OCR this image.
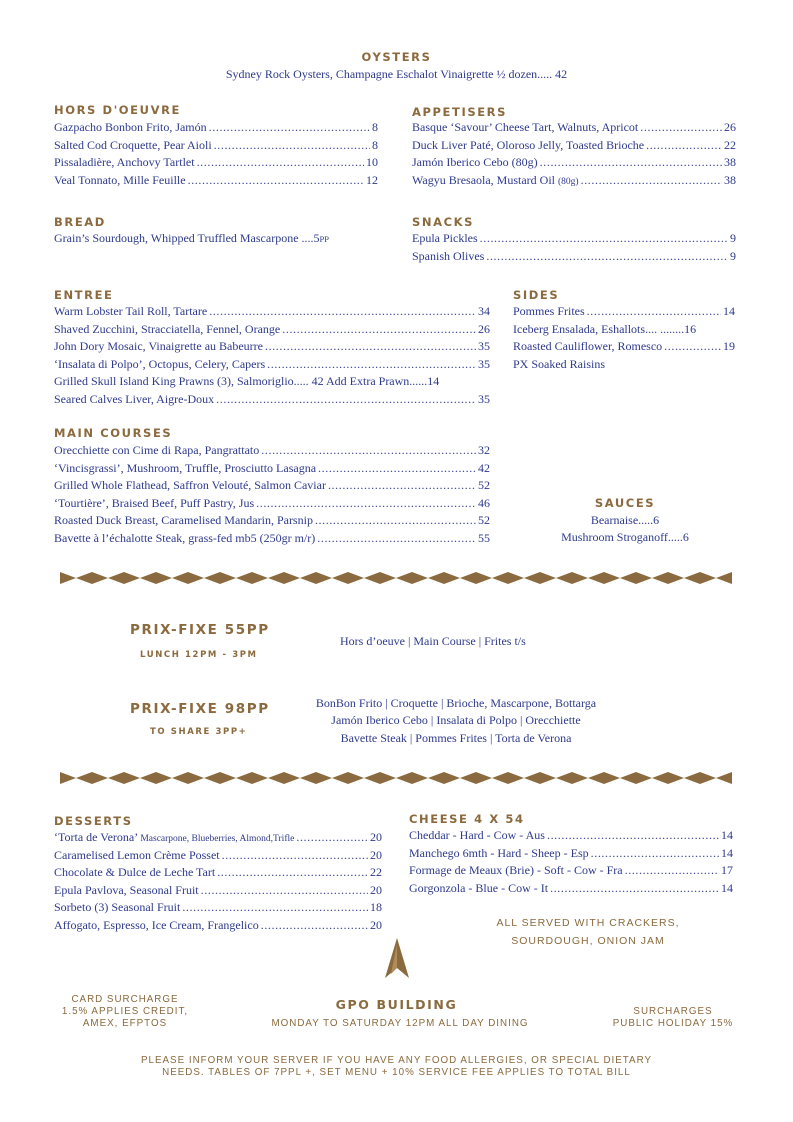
OYSTERS
Sydney Rock Oysters, Champagne Eschalot Vinaigrette ½ dozen..... 42
HORS D'OEUVRE
Gazpacho Bonbon Frito, Jamón .....	8
Salted Cod Croquette, Pear Aioli .....	8
Pissaladière, Anchovy Tartlet .....	10
Veal Tonnato, Mille Feuille .....	12
APPETISERS
Basque ‘Savour’ Cheese Tart, Walnuts, Apricot .....	26
Duck Liver Paté, Oloroso Jelly, Toasted Brioche .....	22
Jamón Iberico Cebo (80g) .....	38
Wagyu Bresaola, Mustard Oil (80g) .....	38
BREAD
Grain’s Sourdough, Whipped Truffled Mascarpone ....5PP
SNACKS
Epula Pickles .....	9
Spanish Olives .....	9
ENTREE
Warm Lobster Tail Roll, Tartare .....	34
Shaved Zucchini, Stracciatella, Fennel, Orange .....	26
John Dory Mosaic, Vinaigrette au Babeurre .....	35
‘Insalata di Polpo’, Octopus, Celery, Capers .....	35
Grilled Skull Island King Prawns (3), Salmoriglio..... 42 Add Extra Prawn......14
Seared Calves Liver, Aigre-Doux .....	35
SIDES
Pommes Frites .....	14
Iceberg Ensalada, Eshallots.... ........16
Roasted Cauliflower, Romesco .....	19
PX Soaked Raisins
MAIN COURSES
Orecchiette con Cime di Rapa, Pangrattato .....	32
‘Vincisgrassi’, Mushroom, Truffle, Prosciutto Lasagna .....	42
Grilled Whole Flathead, Saffron Velouté, Salmon Caviar .....	52
‘Tourtière’, Braised Beef, Puff Pastry, Jus .....	46
Roasted Duck Breast, Caramelised Mandarin, Parsnip .....	52
Bavette à l’échalotte Steak, grass-fed mb5 (250gr m/r) .....	55
SAUCES
Bearnaise.....6
Mushroom Stroganoff.....6
PRIX-FIXE 55PP
LUNCH 12PM - 3PM
Hors d’oeuve | Main Course | Frites t/s
PRIX-FIXE 98PP
TO SHARE 3PP+
BonBon Frito | Croquette | Brioche, Mascarpone, Bottarga
Jamón Iberico Cebo | Insalata di Polpo | Orecchiette
Bavette Steak | Pommes Frites | Torta de Verona
DESSERTS
‘Torta de Verona’ Mascarpone, Blueberries, Almond,Trifle .....	20
Caramelised Lemon Crème Posset .....	20
Chocolate & Dulce de Leche Tart .....	22
Epula Pavlova, Seasonal Fruit .....	20
Sorbeto (3) Seasonal Fruit .....	18
Affogato, Espresso, Ice Cream, Frangelico .....	20
CHEESE 4 X 54
Cheddar - Hard - Cow - Aus .....	14
Manchego 6mth - Hard - Sheep - Esp .....	14
Formage de Meaux (Brie) - Soft - Cow - Fra .....	17
Gorgonzola - Blue - Cow - It .....	14
ALL SERVED WITH CRACKERS,
SOURDOUGH, ONION JAM
CARD SURCHARGE
1.5% APPLIES CREDIT,
AMEX, EFPTOS
GPO BUILDING
MONDAY TO SATURDAY 12PM ALL DAY DINING
SURCHARGES
PUBLIC HOLIDAY 15%
PLEASE INFORM YOUR SERVER IF YOU HAVE ANY FOOD ALLERGIES, OR SPECIAL DIETARY
NEEDS. TABLES OF 7PPL +, SET MENU + 10% SERVICE FEE APPLIES TO TOTAL BILL
